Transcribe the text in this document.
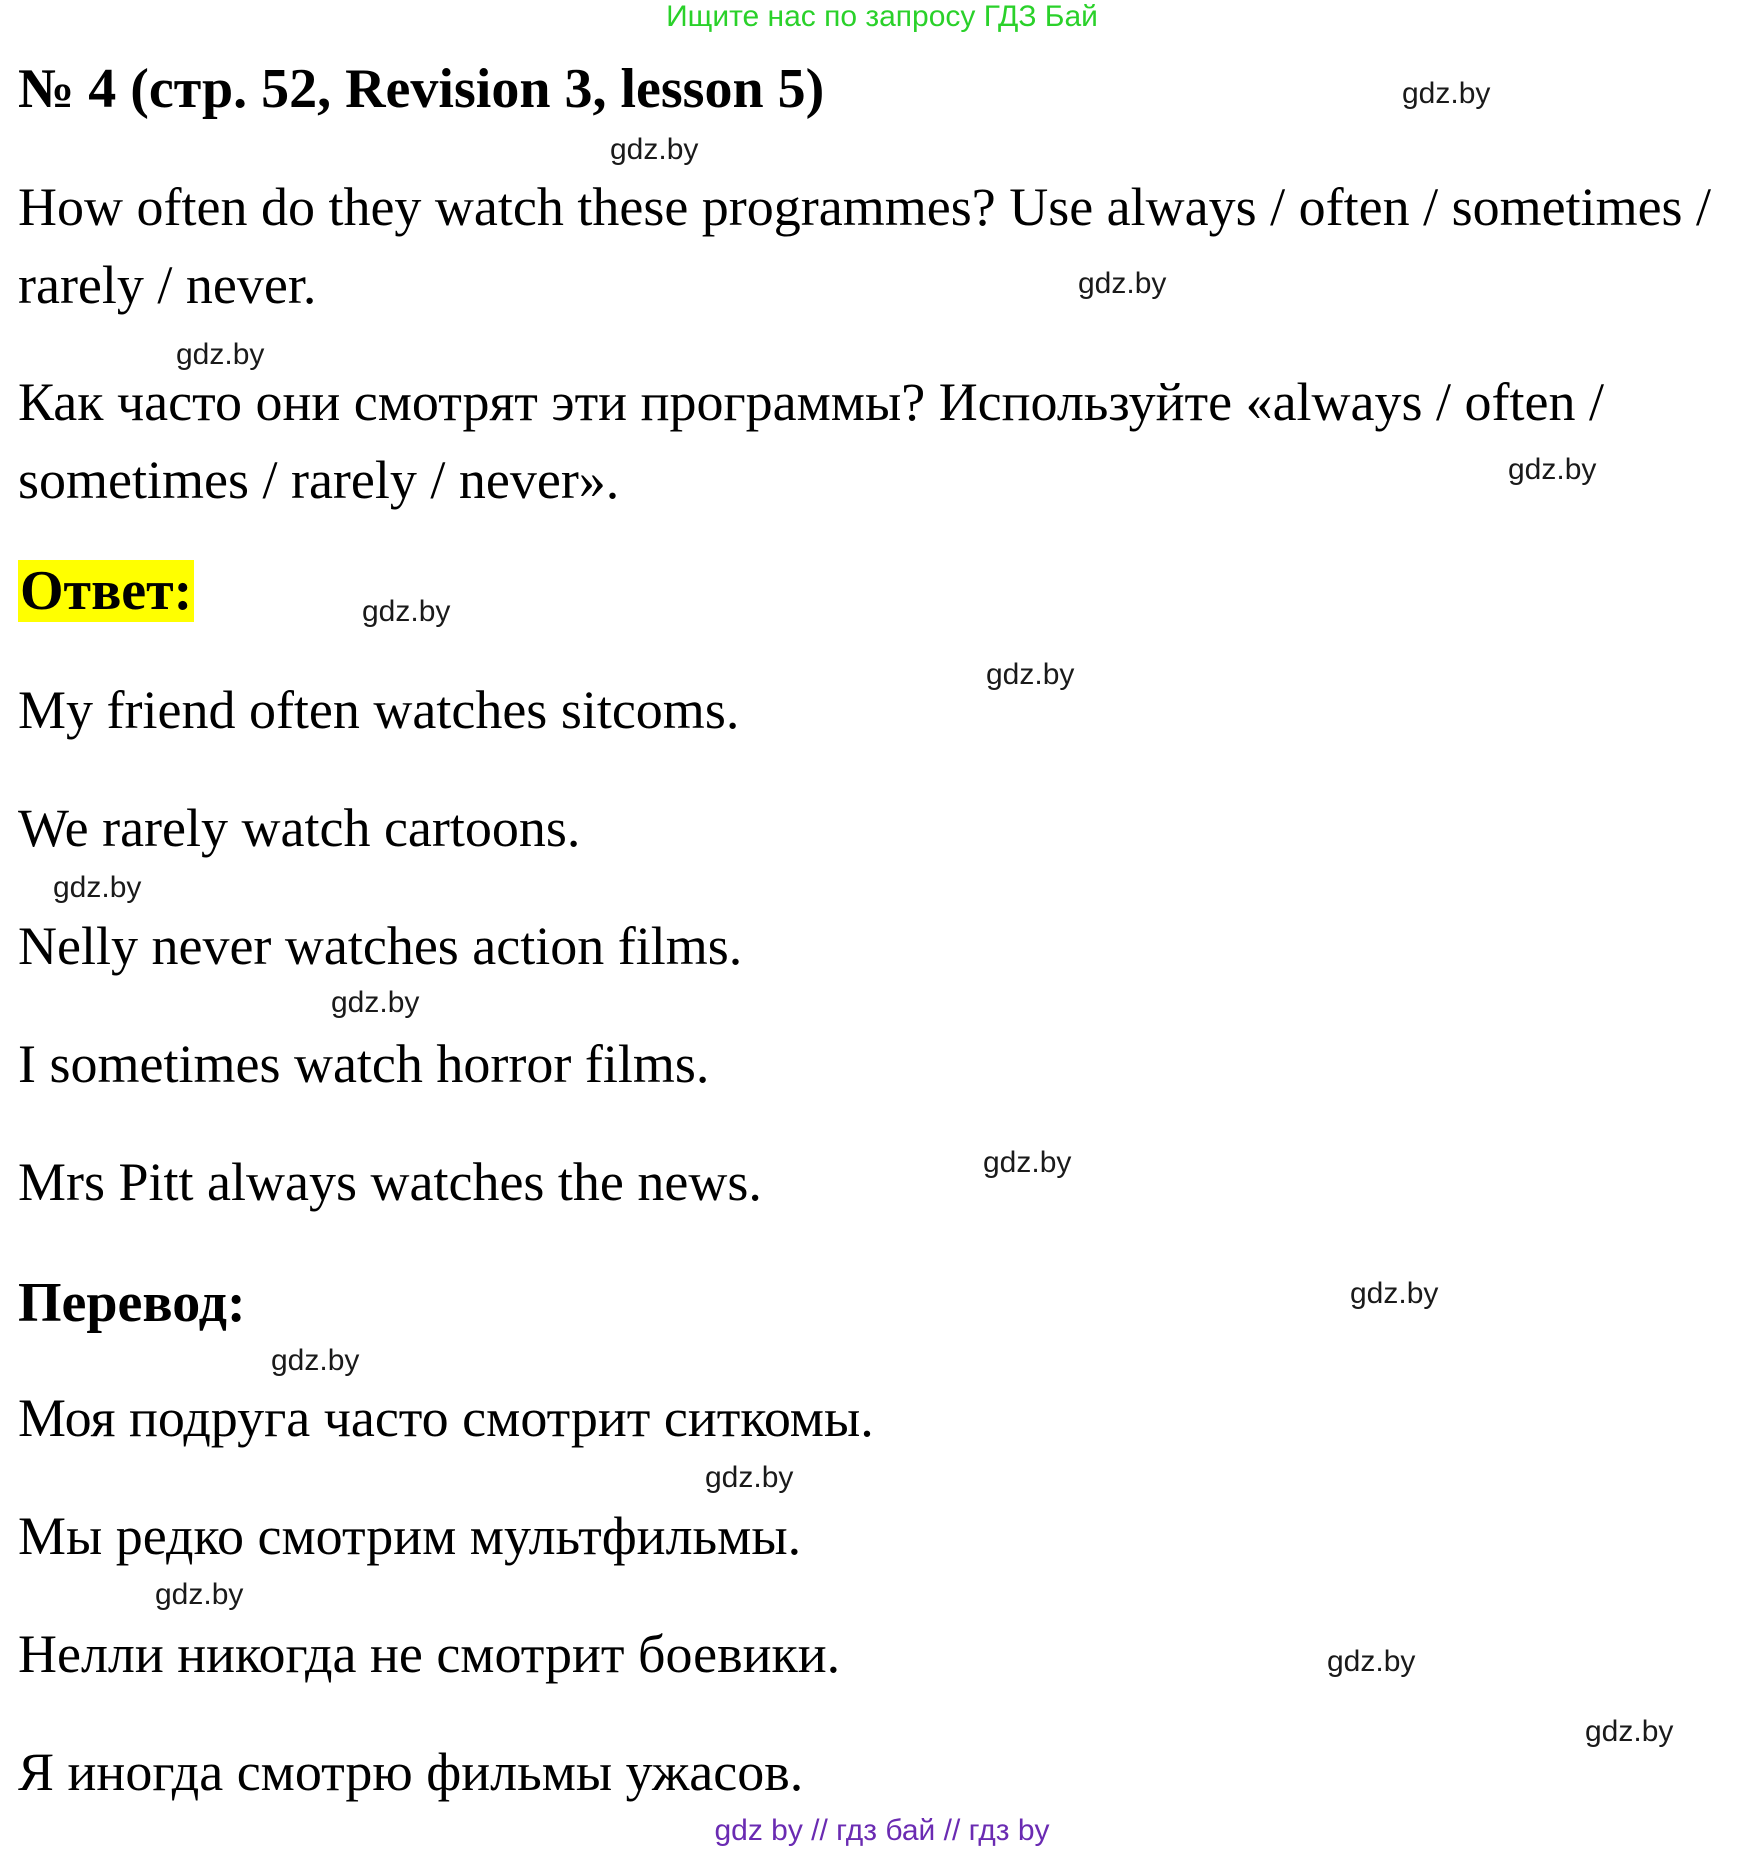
Ищите нас по запросу ГДЗ Бай
№ 4 (стр. 52, Revision 3, lesson 5)
How often do they watch these programmes? Use always / often / sometimes / rarely / never.
Как часто они смотрят эти программы? Используйте «always / often / sometimes / rarely / never».
Ответ:
My friend often watches sitcoms.
We rarely watch cartoons.
Nelly never watches action films.
I sometimes watch horror films.
Mrs Pitt always watches the news.
Перевод:
Моя подруга часто смотрит ситкомы.
Мы редко смотрим мультфильмы.
Нелли никогда не смотрит боевики.
Я иногда смотрю фильмы ужасов.
gdz.by
gdz.by
gdz.by
gdz.by
gdz.by
gdz.by
gdz.by
gdz.by
gdz.by
gdz.by
gdz.by
gdz.by
gdz.by
gdz.by
gdz.by
gdz.by
gdz by // гдз бай // гдз by
